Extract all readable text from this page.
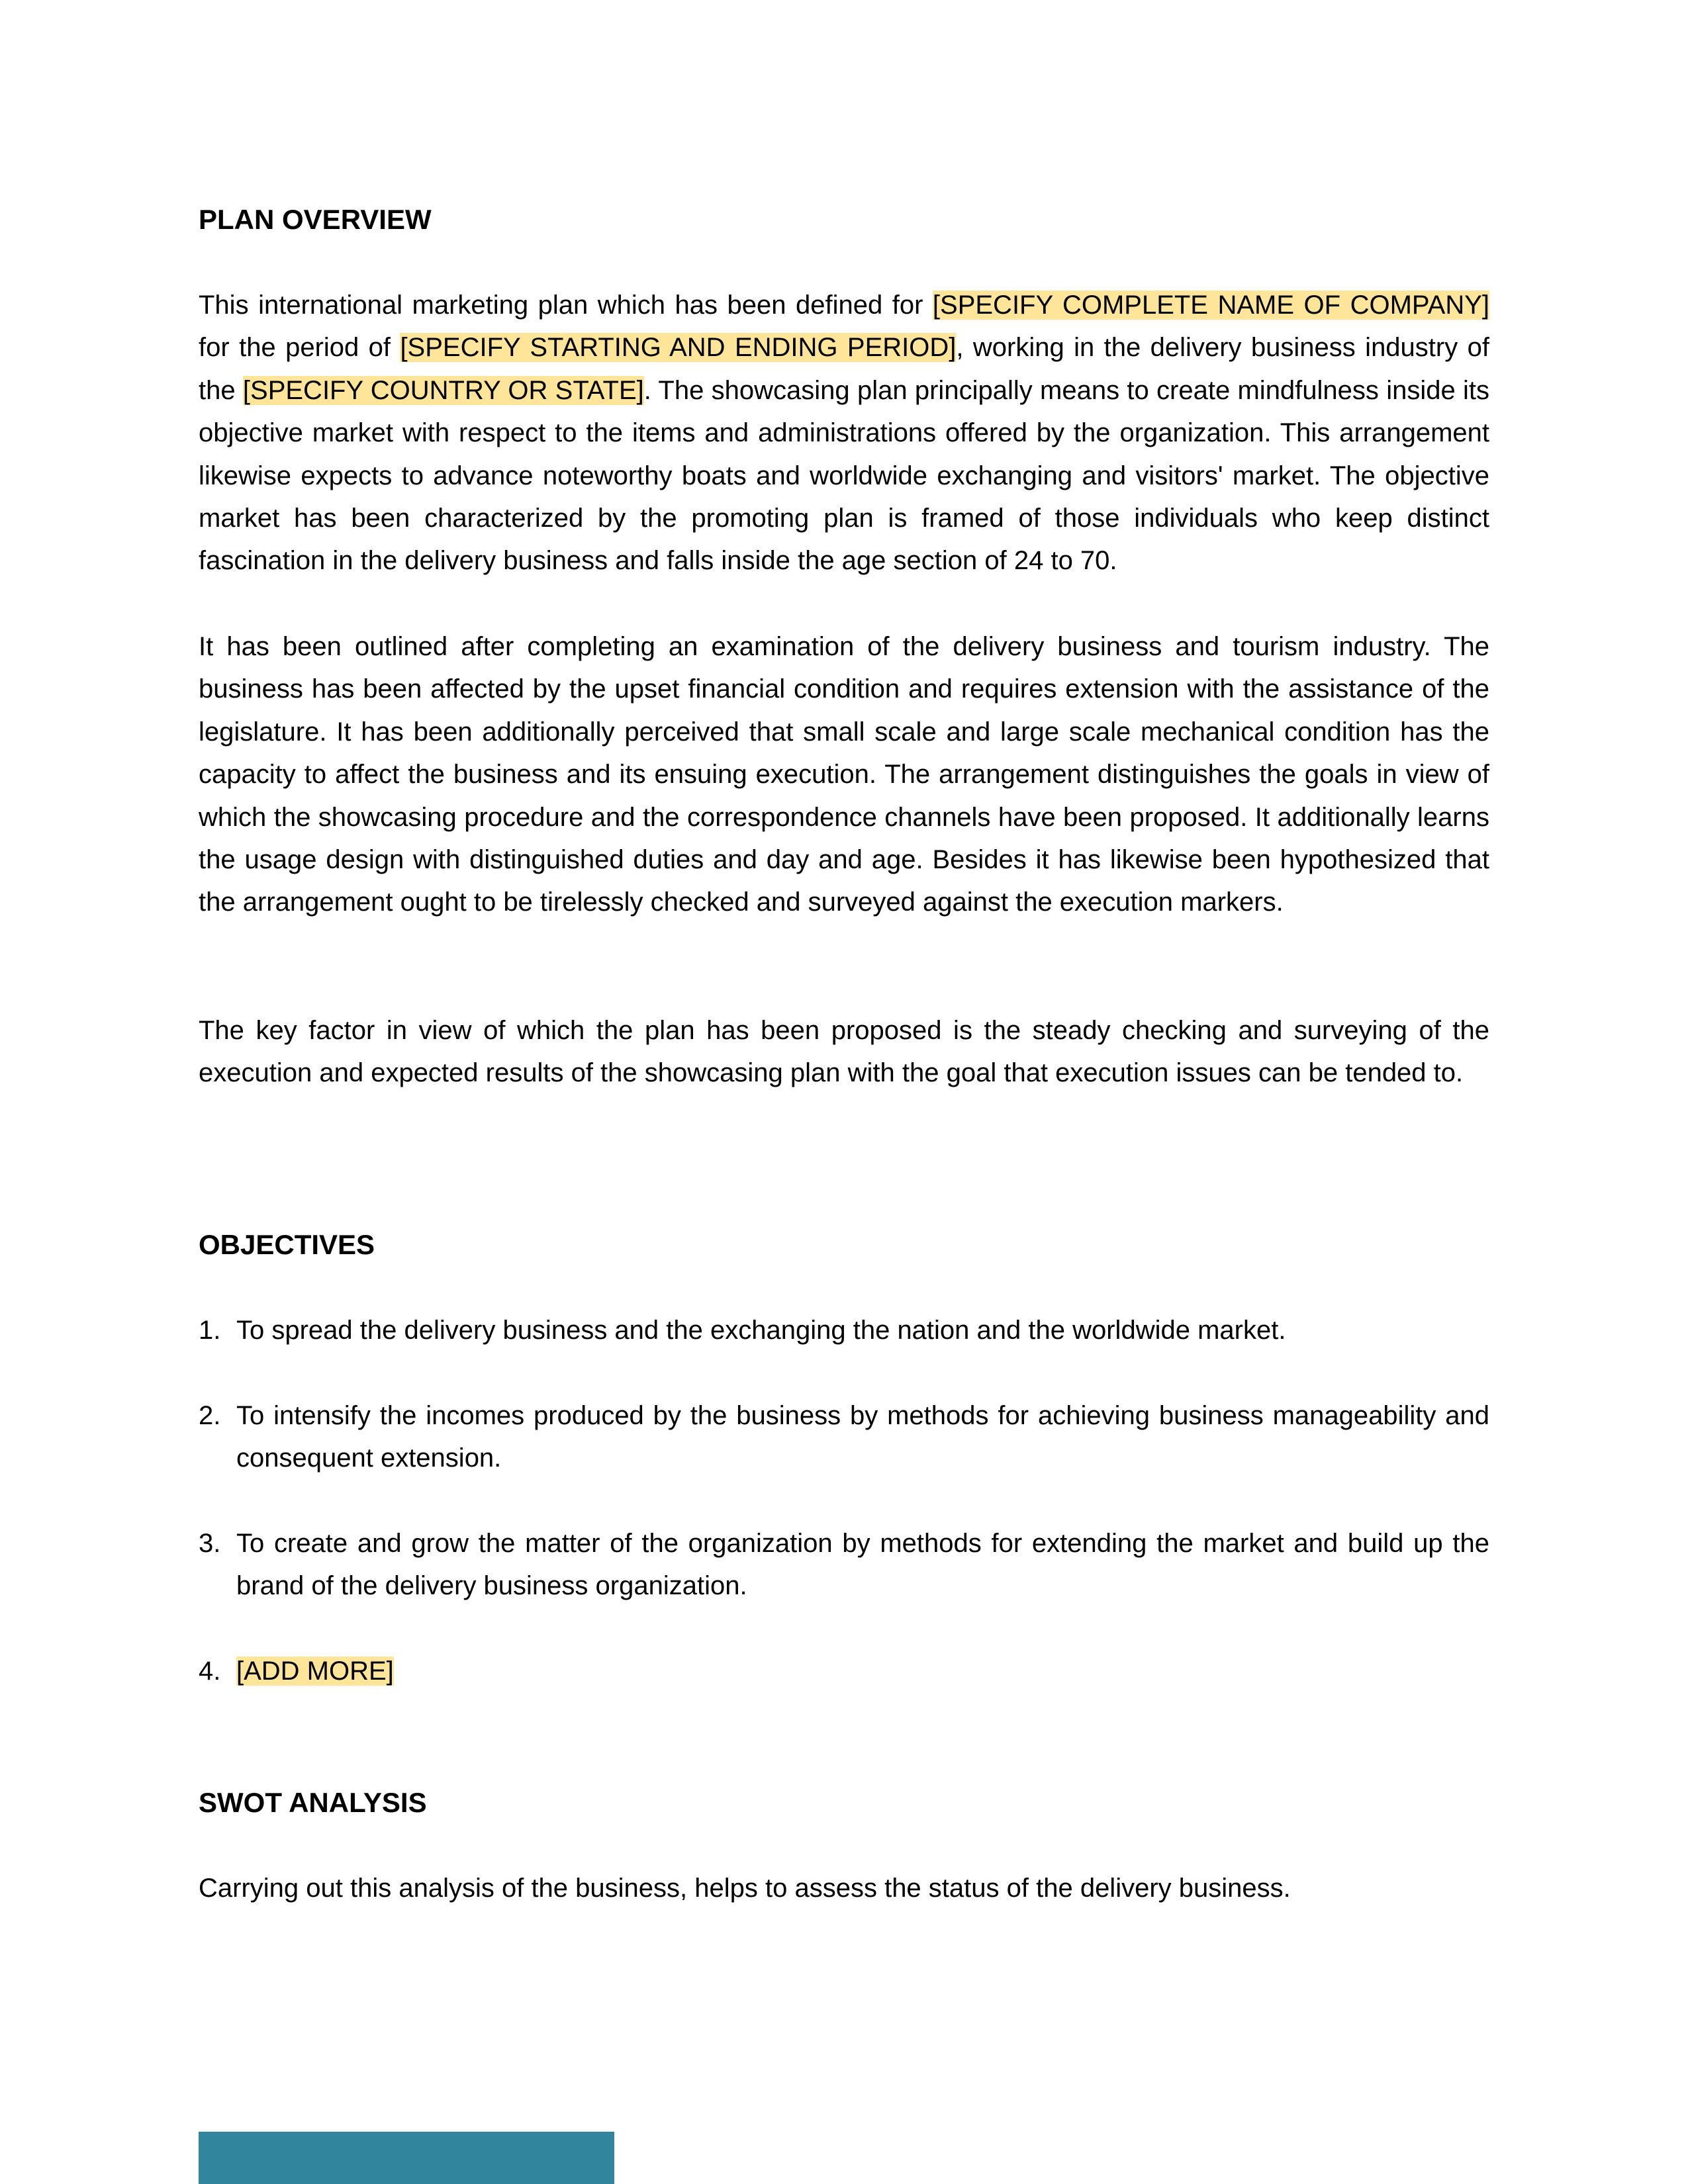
PLAN OVERVIEW

This international marketing plan which has been defined for [SPECIFY COMPLETE NAME OF COMPANY] for the period of [SPECIFY STARTING AND ENDING PERIOD], working in the delivery business industry of the [SPECIFY COUNTRY OR STATE]. The showcasing plan principally means to create mindfulness inside its objective market with respect to the items and administrations offered by the organization. This arrangement likewise expects to advance noteworthy boats and worldwide exchanging and visitors' market. The objective market has been characterized by the promoting plan is framed of those individuals who keep distinct fascination in the delivery business and falls inside the age section of 24 to 70.

It has been outlined after completing an examination of the delivery business and tourism industry. The business has been affected by the upset financial condition and requires extension with the assistance of the legislature. It has been additionally perceived that small scale and large scale mechanical condition has the capacity to affect the business and its ensuing execution. The arrangement distinguishes the goals in view of which the showcasing procedure and the correspondence channels have been proposed. It additionally learns the usage design with distinguished duties and day and age. Besides it has likewise been hypothesized that the arrangement ought to be tirelessly checked and surveyed against the execution markers.

The key factor in view of which the plan has been proposed is the steady checking and surveying of the execution and expected results of the showcasing plan with the goal that execution issues can be tended to.

OBJECTIVES
1. To spread the delivery business and the exchanging the nation and the worldwide market.
2. To intensify the incomes produced by the business by methods for achieving business manageability and consequent extension.
3. To create and grow the matter of the organization by methods for extending the market and build up the brand of the delivery business organization.
4. [ADD MORE]
SWOT ANALYSIS

Carrying out this analysis of the business, helps to assess the status of the delivery business.
